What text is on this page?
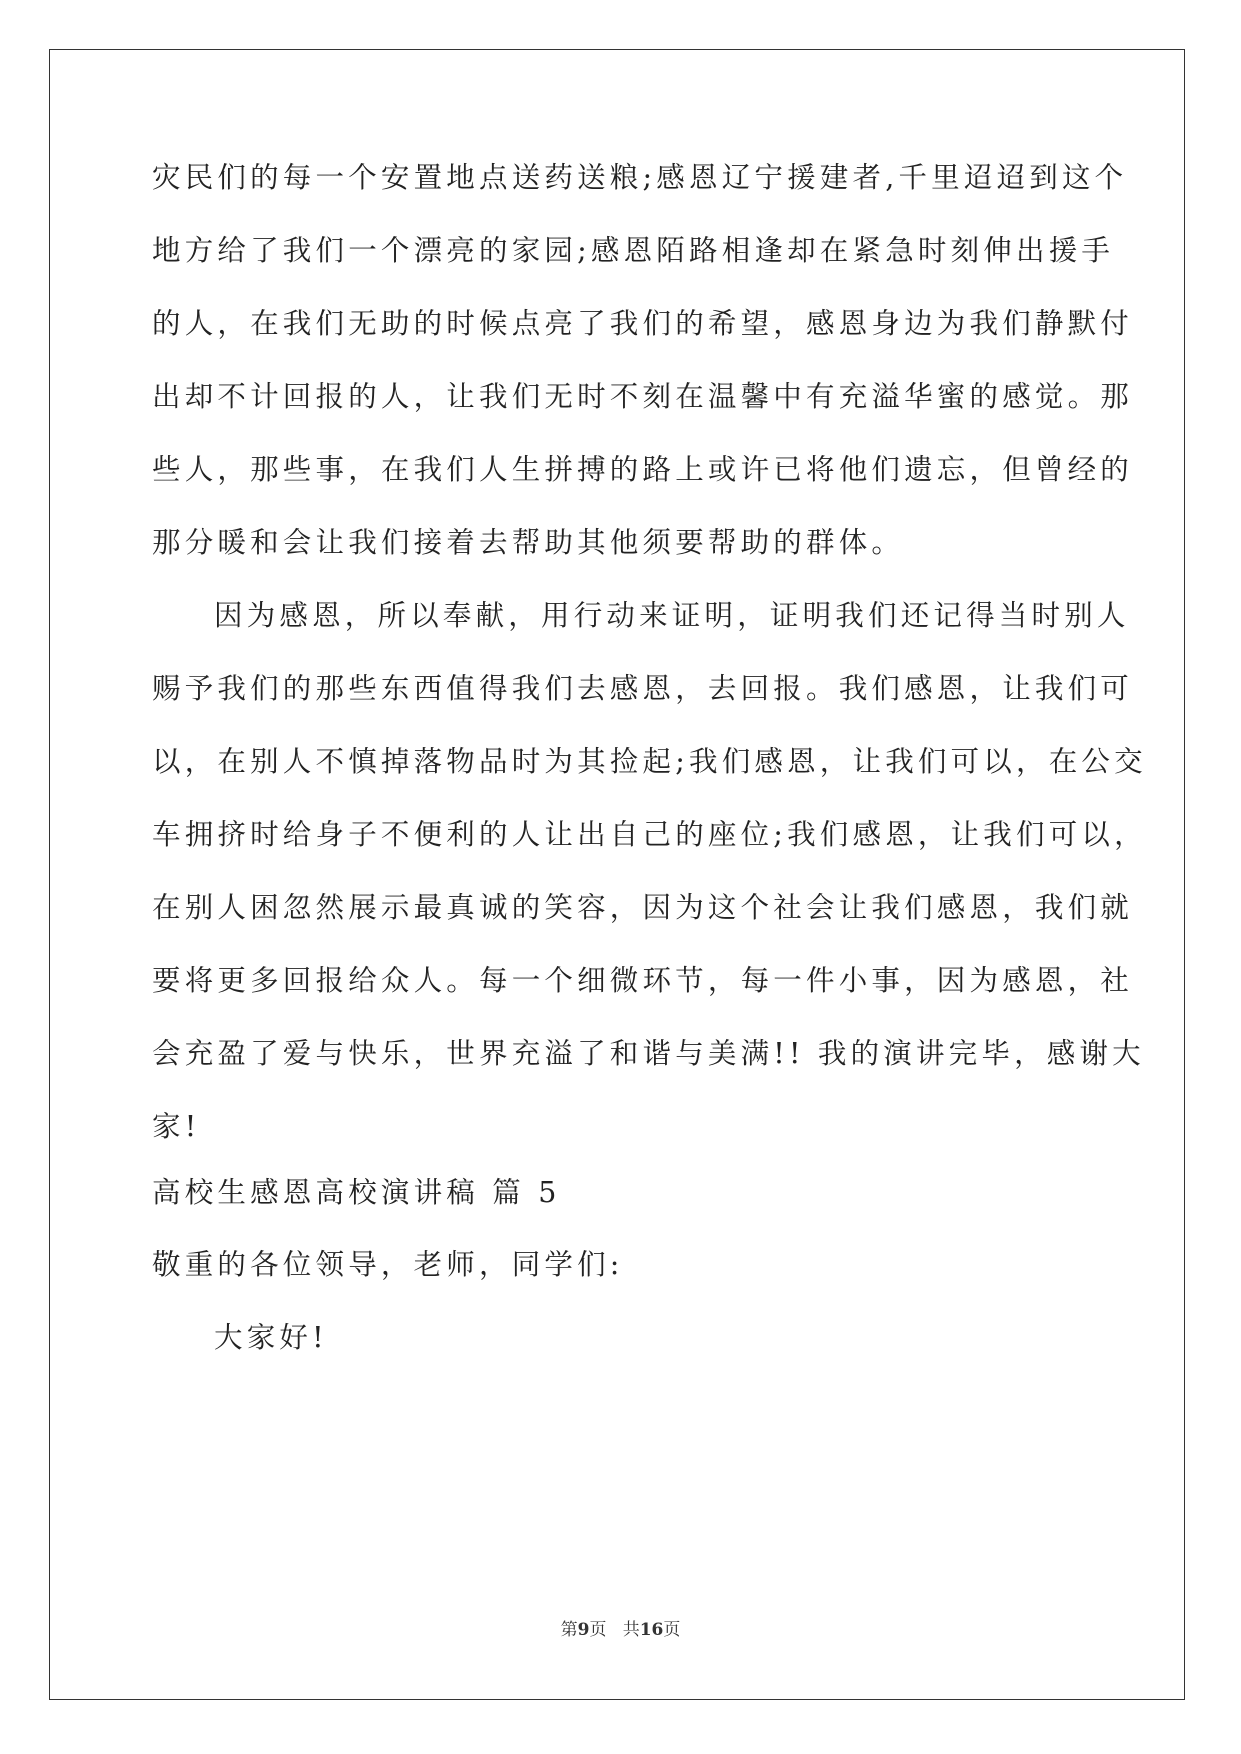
灾民们的每一个安置地点送药送粮;感恩辽宁援建者,千里迢迢到这个
地方给了我们一个漂亮的家园;感恩陌路相逢却在紧急时刻伸出援手
的人，在我们无助的时候点亮了我们的希望，感恩身边为我们静默付
出却不计回报的人，让我们无时不刻在温馨中有充溢华蜜的感觉。那
些人，那些事，在我们人生拼搏的路上或许已将他们遗忘，但曾经的
那分暖和会让我们接着去帮助其他须要帮助的群体。
因为感恩，所以奉献，用行动来证明，证明我们还记得当时别人
赐予我们的那些东西值得我们去感恩，去回报。我们感恩，让我们可
以，在别人不慎掉落物品时为其捡起;我们感恩，让我们可以，在公交
车拥挤时给身子不便利的人让出自己的座位;我们感恩，让我们可以，
在别人困忽然展示最真诚的笑容，因为这个社会让我们感恩，我们就
要将更多回报给众人。每一个细微环节，每一件小事，因为感恩，社
会充盈了爱与快乐，世界充溢了和谐与美满!! 我的演讲完毕，感谢大
家!
高校生感恩高校演讲稿 篇 5
敬重的各位领导，老师，同学们:
大家好!
第9页 共16页
